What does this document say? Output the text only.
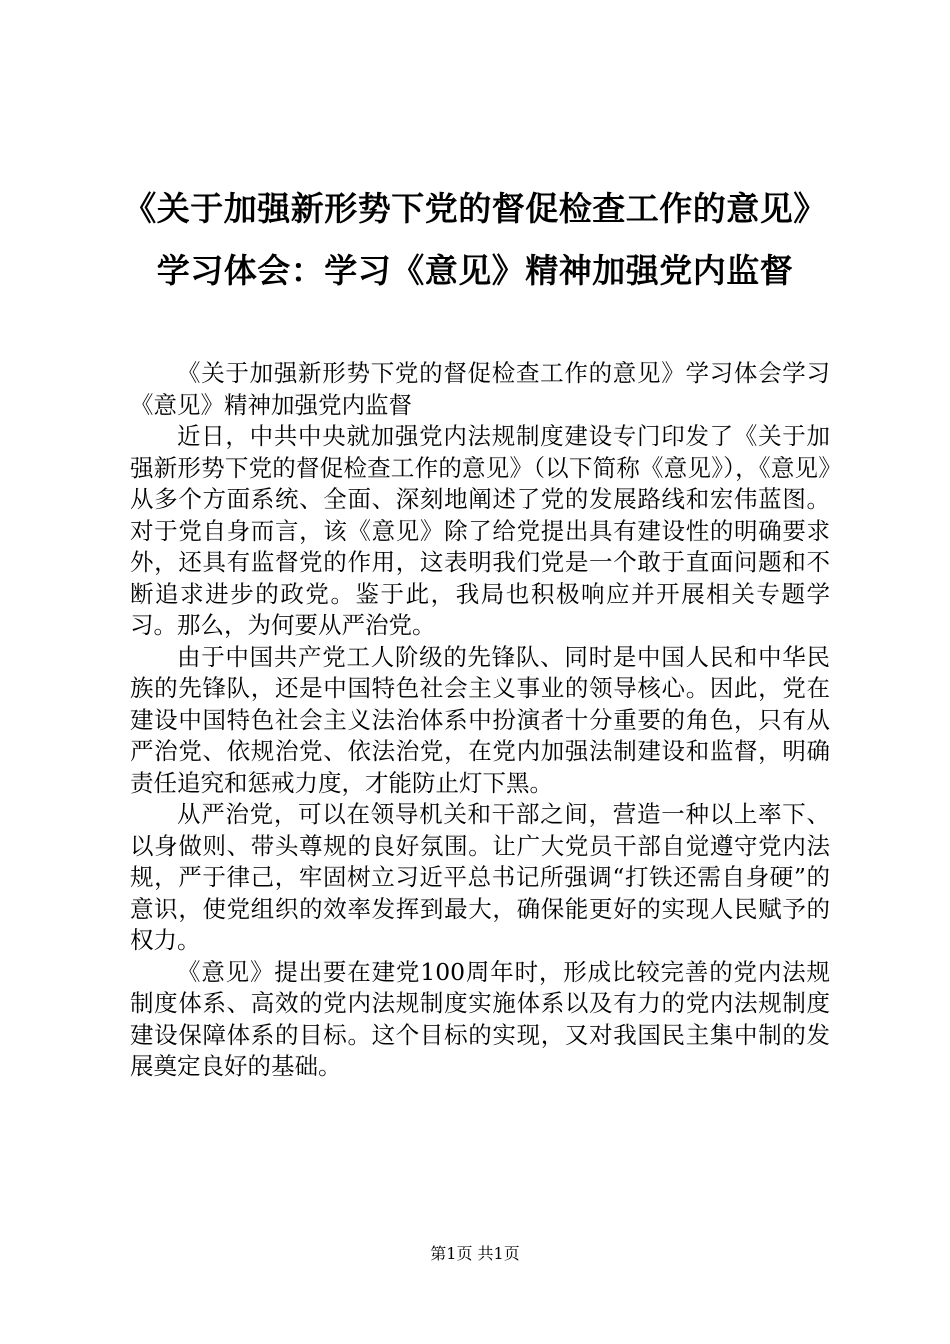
《关于加强新形势下党的督促检查工作的意见》学习体会：学习《意见》精神加强党内监督

《关于加强新形势下党的督促检查工作的意见》学习体会学习《意见》精神加强党内监督

近日，中共中央就加强党内法规制度建设专门印发了《关于加强新形势下党的督促检查工作的意见》（以下简称《意见》），《意见》从多个方面系统、全面、深刻地阐述了党的发展路线和宏伟蓝图。对于党自身而言，该《意见》除了给党提出具有建设性的明确要求外，还具有监督党的作用，这表明我们党是一个敢于直面问题和不断追求进步的政党。鉴于此，我局也积极响应并开展相关专题学习。那么，为何要从严治党。

由于中国共产党工人阶级的先锋队、同时是中国人民和中华民族的先锋队，还是中国特色社会主义事业的领导核心。因此，党在建设中国特色社会主义法治体系中扮演者十分重要的角色，只有从严治党、依规治党、依法治党，在党内加强法制建设和监督，明确责任追究和惩戒力度，才能防止灯下黑。

从严治党，可以在领导机关和干部之间，营造一种以上率下、以身做则、带头尊规的良好氛围。让广大党员干部自觉遵守党内法规，严于律己，牢固树立习近平总书记所强调“打铁还需自身硬”的意识，使党组织的效率发挥到最大，确保能更好的实现人民赋予的权力。

《意见》提出要在建党100周年时，形成比较完善的党内法规制度体系、高效的党内法规制度实施体系以及有力的党内法规制度建设保障体系的目标。这个目标的实现，又对我国民主集中制的发展奠定良好的基础。

第1页 共1页
